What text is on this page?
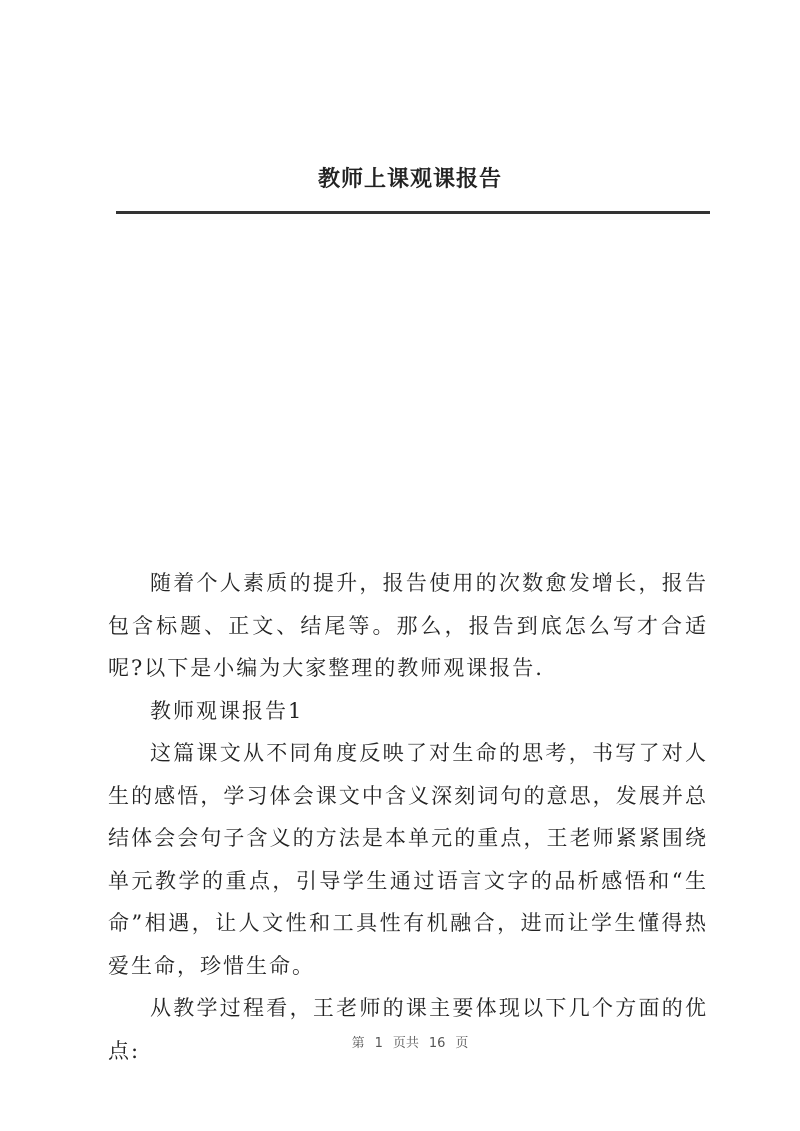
教师上课观课报告

随着个人素质的提升，报告使用的次数愈发增长，报告包含标题、正文、结尾等。那么，报告到底怎么写才合适呢?以下是小编为大家整理的教师观课报告.

教师观课报告1

这篇课文从不同角度反映了对生命的思考，书写了对人生的感悟，学习体会课文中含义深刻词句的意思，发展并总结体会会句子含义的方法是本单元的重点，王老师紧紧围绕单元教学的重点，引导学生通过语言文字的品析感悟和“生命”相遇，让人文性和工具性有机融合，进而让学生懂得热爱生命，珍惜生命。

从教学过程看，王老师的课主要体现以下几个方面的优点:	第 1 页共 16 页
